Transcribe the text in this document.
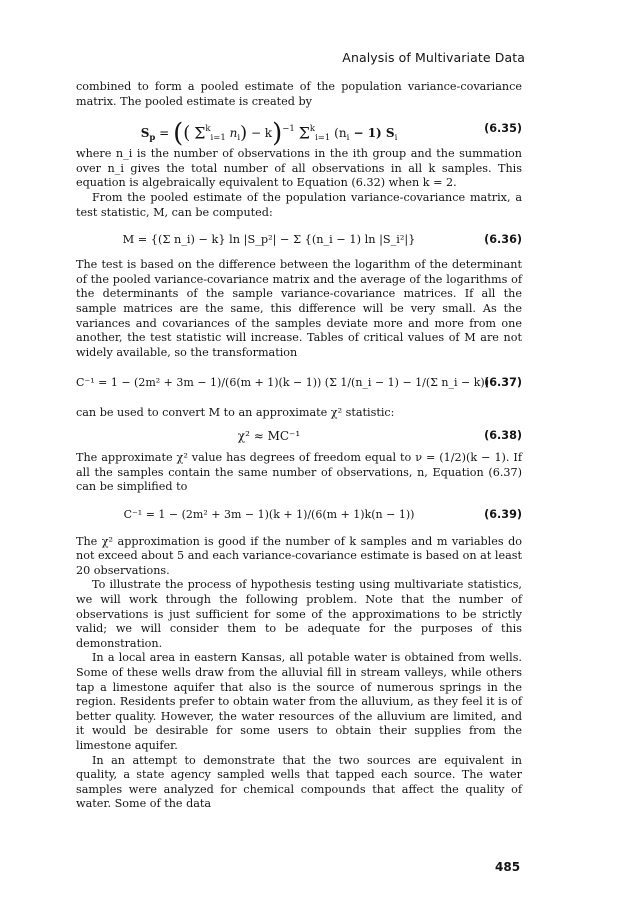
Analysis of Multivariate Data

combined to form a pooled estimate of the population variance-covariance matrix. The pooled estimate is created by

$S_p$ = (( $\Sigma^k_{i=1}$ $n_i) - k)^{-1}$ $\Sigma^k_{i=1}$ $(n_i - 1)$ $S_i$
(6.35)

where n_i is the number of observations in the ith group and the summation over n_i gives the total number of all observations in all k samples. This equation is algebraically equivalent to Equation (6.32) when k = 2.

From the pooled estimate of the population variance-covariance matrix, a test statistic, M, can be computed:

M = {(Σ n_i) − k} ln |S_p²| − Σ {(n_i − 1) ln |S_i²|}	(6.36)

The test is based on the difference between the logarithm of the determinant of the pooled variance-covariance matrix and the average of the logarithms of the determinants of the sample variance-covariance matrices. If all the sample matrices are the same, this difference will be very small. As the variances and covariances of the samples deviate more and more from one another, the test statistic will increase. Tables of critical values of M are not widely available, so the transformation

C⁻¹ = 1 − (2m² + 3m − 1)/(6(m + 1)(k − 1)) (Σ 1/(n_i − 1) − 1/(Σ n_i − k))
(6.37)

can be used to convert M to an approximate χ² statistic:

χ² ≈ MC⁻¹	(6.38)

The approximate χ² value has degrees of freedom equal to ν = (1/2)(k − 1). If all the samples contain the same number of observations, n, Equation (6.37) can be simplified to

C⁻¹ = 1 − (2m² + 3m − 1)(k + 1)/(6(m + 1)k(n − 1))	(6.39)

The χ² approximation is good if the number of k samples and m variables do not exceed about 5 and each variance-covariance estimate is based on at least 20 observations.

To illustrate the process of hypothesis testing using multivariate statistics, we will work through the following problem. Note that the number of observations is just sufficient for some of the approximations to be strictly valid; we will consider them to be adequate for the purposes of this demonstration.

In a local area in eastern Kansas, all potable water is obtained from wells. Some of these wells draw from the alluvial fill in stream valleys, while others tap a limestone aquifer that also is the source of numerous springs in the region. Residents prefer to obtain water from the alluvium, as they feel it is of better quality. However, the water resources of the alluvium are limited, and it would be desirable for some users to obtain their supplies from the limestone aquifer.

In an attempt to demonstrate that the two sources are equivalent in quality, a state agency sampled wells that tapped each source. The water samples were analyzed for chemical compounds that affect the quality of water. Some of the data

485
